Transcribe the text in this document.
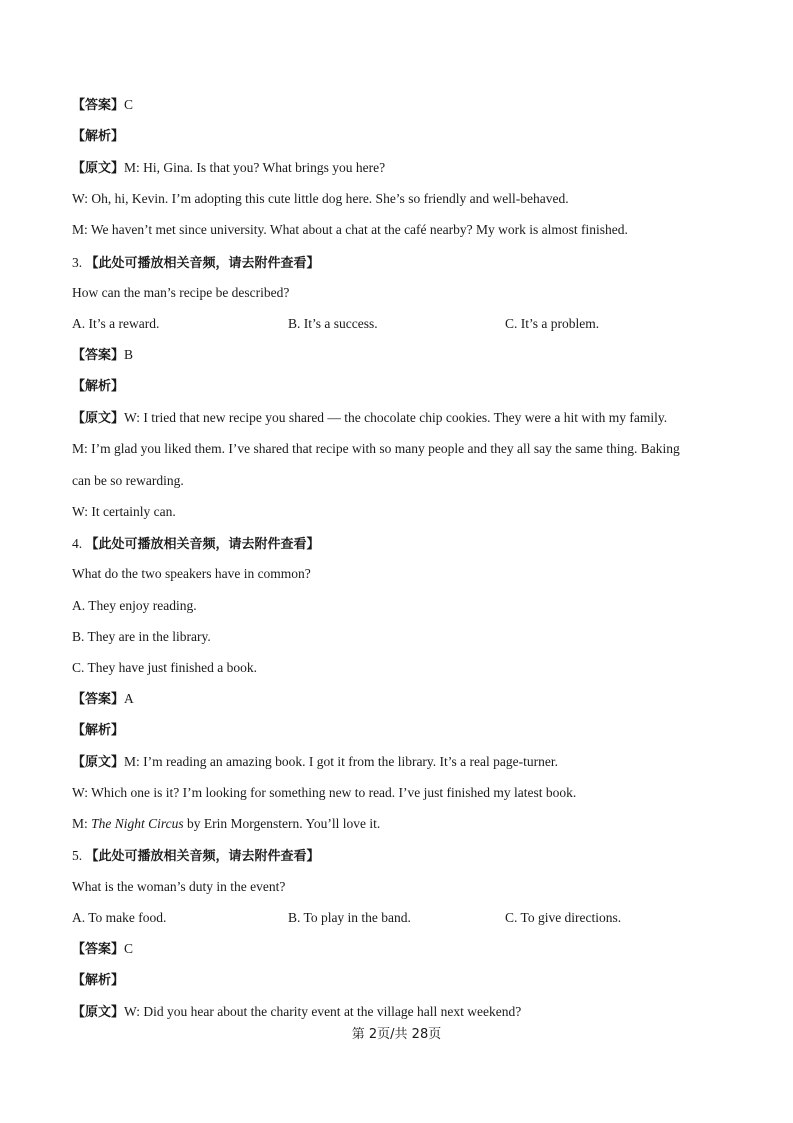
【答案】C
【解析】
【原文】M: Hi, Gina. Is that you? What brings you here?
W: Oh, hi, Kevin. I’m adopting this cute little dog here. She’s so friendly and well-behaved.
M: We haven’t met since university. What about a chat at the café nearby? My work is almost finished.
3. 【此处可播放相关音频，请去附件查看】
How can the man’s recipe be described?
A. It’s a reward.	B. It’s a success.	C. It’s a problem.
【答案】B
【解析】
【原文】W: I tried that new recipe you shared — the chocolate chip cookies. They were a hit with my family.
M: I’m glad you liked them. I’ve shared that recipe with so many people and they all say the same thing. Baking
can be so rewarding.
W: It certainly can.
4. 【此处可播放相关音频，请去附件查看】
What do the two speakers have in common?
A. They enjoy reading.
B. They are in the library.
C. They have just finished a book.
【答案】A
【解析】
【原文】M: I’m reading an amazing book. I got it from the library. It’s a real page-turner.
W: Which one is it? I’m looking for something new to read. I’ve just finished my latest book.
M: The Night Circus by Erin Morgenstern. You’ll love it.
5. 【此处可播放相关音频，请去附件查看】
What is the woman’s duty in the event?
A. To make food.	B. To play in the band.	C. To give directions.
【答案】C
【解析】
【原文】W: Did you hear about the charity event at the village hall next weekend?
第 2页/共 28页
